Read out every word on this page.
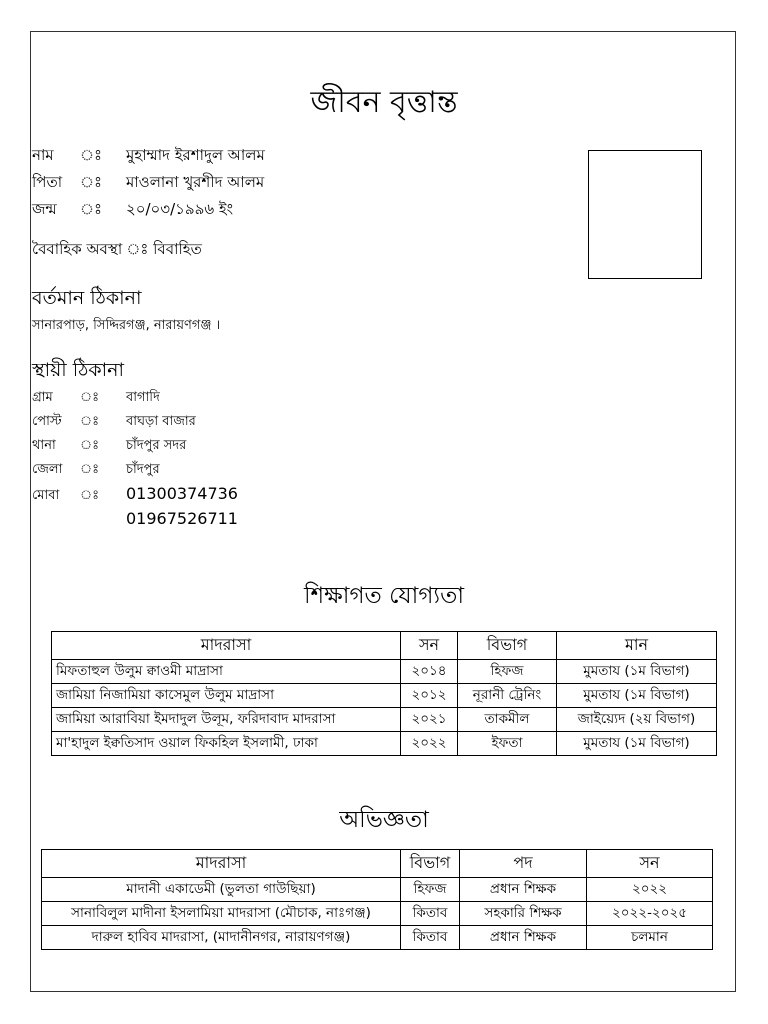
জীবন বৃত্তান্ত
নাম ঃ মুহাম্মাদ ইরশাদুল আলম
পিতা ঃ মাওলানা খুরশীদ আলম
জন্ম ঃ ২০/০৩/১৯৯৬ ইং
বৈবাহিক অবস্থা ঃ বিবাহিত
বর্তমান ঠিকানা
সানারপাড়, সিদ্দিরগঞ্জ, নারায়ণগঞ্জ ।
স্থায়ী ঠিকানা
গ্রাম ঃ বাগাদি
পোস্ট ঃ বাঘড়া বাজার
থানা ঃ চাঁদপুর সদর
জেলা ঃ চাঁদপুর
মোবা ঃ 01300374736
01967526711
শিক্ষাগত যোগ্যতা
মাদরাসা	সন	বিভাগ	মান
মিফতাহুল উলুম ক্বাওমী মাদ্রাসা	২০১৪	হিফজ	মুমতায (১ম বিভাগ)
জামিয়া নিজামিয়া কাসেমুল উলুম মাদ্রাসা	২০১২	নূরানী ট্রেনিং	মুমতায (১ম বিভাগ)
জামিয়া আরাবিয়া ইমদাদুল উলূম, ফরিদাবাদ মাদরাসা	২০২১	তাকমীল	জাইয়্যেদ (২য় বিভাগ)
মা'হাদুল ইক্বতিসাদ ওয়াল ফিকহিল ইসলামী, ঢাকা	২০২২	ইফতা	মুমতায (১ম বিভাগ)
অভিজ্ঞতা
মাদরাসা	বিভাগ	পদ	সন
মাদানী একাডেমী (ভুলতা গাউছিয়া)	হিফজ	প্রধান শিক্ষক	২০২২
সানাবিলুল মাদীনা ইসলামিয়া মাদরাসা (মৌচাক, নাঃগঞ্জ)	কিতাব	সহকারি শিক্ষক	২০২২-২০২৫
দারুল হাবিব মাদরাসা, (মাদানীনগর, নারায়ণগঞ্জ)	কিতাব	প্রধান শিক্ষক	চলমান
